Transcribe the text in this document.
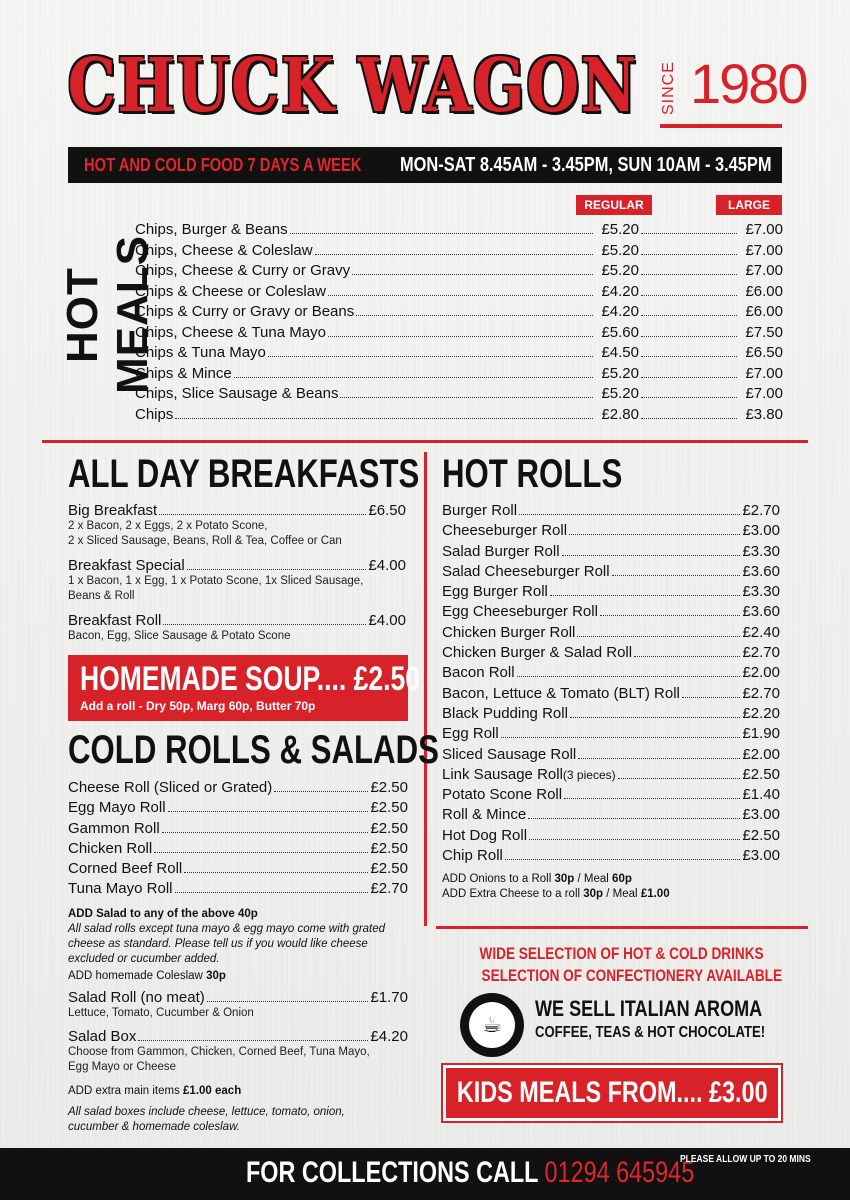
CHUCK WAGON SINCE 1980
HOT AND COLD FOOD 7 DAYS A WEEK MON-SAT 8.45AM - 3.45PM, SUN 10AM - 3.45PM
HOT MEALS
REGULAR	LARGE
Chips, Burger & Beans	£5.20	£7.00
Chips, Cheese & Coleslaw	£5.20	£7.00
Chips, Cheese & Curry or Gravy	£5.20	£7.00
Chips & Cheese or Coleslaw	£4.20	£6.00
Chips & Curry or Gravy or Beans	£4.20	£6.00
Chips, Cheese & Tuna Mayo	£5.60	£7.50
Chips & Tuna Mayo	£4.50	£6.50
Chips & Mince	£5.20	£7.00
Chips, Slice Sausage & Beans	£5.20	£7.00
Chips	£2.80	£3.80
ALL DAY BREAKFASTS
Big Breakfast	£6.50
2 x Bacon, 2 x Eggs, 2 x Potato Scone,
2 x Sliced Sausage, Beans, Roll & Tea, Coffee or Can
Breakfast Special	£4.00
1 x Bacon, 1 x Egg, 1 x Potato Scone, 1x Sliced Sausage,
Beans & Roll
Breakfast Roll	£4.00
Bacon, Egg, Slice Sausage & Potato Scone
HOMEMADE SOUP.... £2.50
Add a roll - Dry 50p, Marg 60p, Butter 70p
COLD ROLLS & SALADS
Cheese Roll (Sliced or Grated)	£2.50
Egg Mayo Roll	£2.50
Gammon Roll	£2.50
Chicken Roll	£2.50
Corned Beef Roll	£2.50
Tuna Mayo Roll	£2.70
ADD Salad to any of the above 40p
All salad rolls except tuna mayo & egg mayo come with grated
cheese as standard. Please tell us if you would like cheese
excluded or cucumber added.
ADD homemade Coleslaw 30p
Salad Roll (no meat)	£1.70
Lettuce, Tomato, Cucumber & Onion
Salad Box	£4.20
Choose from Gammon, Chicken, Corned Beef, Tuna Mayo,
Egg Mayo or Cheese
ADD extra main items £1.00 each
All salad boxes include cheese, lettuce, tomato, onion,
cucumber & homemade coleslaw.
HOT ROLLS
Burger Roll	£2.70
Cheeseburger Roll	£3.00
Salad Burger Roll	£3.30
Salad Cheeseburger Roll	£3.60
Egg Burger Roll	£3.30
Egg Cheeseburger Roll	£3.60
Chicken Burger Roll	£2.40
Chicken Burger & Salad Roll	£2.70
Bacon Roll	£2.00
Bacon, Lettuce & Tomato (BLT) Roll	£2.70
Black Pudding Roll	£2.20
Egg Roll	£1.90
Sliced Sausage Roll	£2.00
Link Sausage Roll (3 pieces)	£2.50
Potato Scone Roll	£1.40
Roll & Mince	£3.00
Hot Dog Roll	£2.50
Chip Roll	£3.00
ADD Onions to a Roll 30p / Meal 60p
ADD Extra Cheese to a roll 30p / Meal £1.00
WIDE SELECTION OF HOT & COLD DRINKS
SELECTION OF CONFECTIONERY AVAILABLE
☕
WE SELL ITALIAN AROMA
COFFEE, TEAS & HOT CHOCOLATE!
KIDS MEALS FROM.... £3.00
FOR COLLECTIONS CALL 01294 645945
PLEASE ALLOW UP TO 20 MINS
